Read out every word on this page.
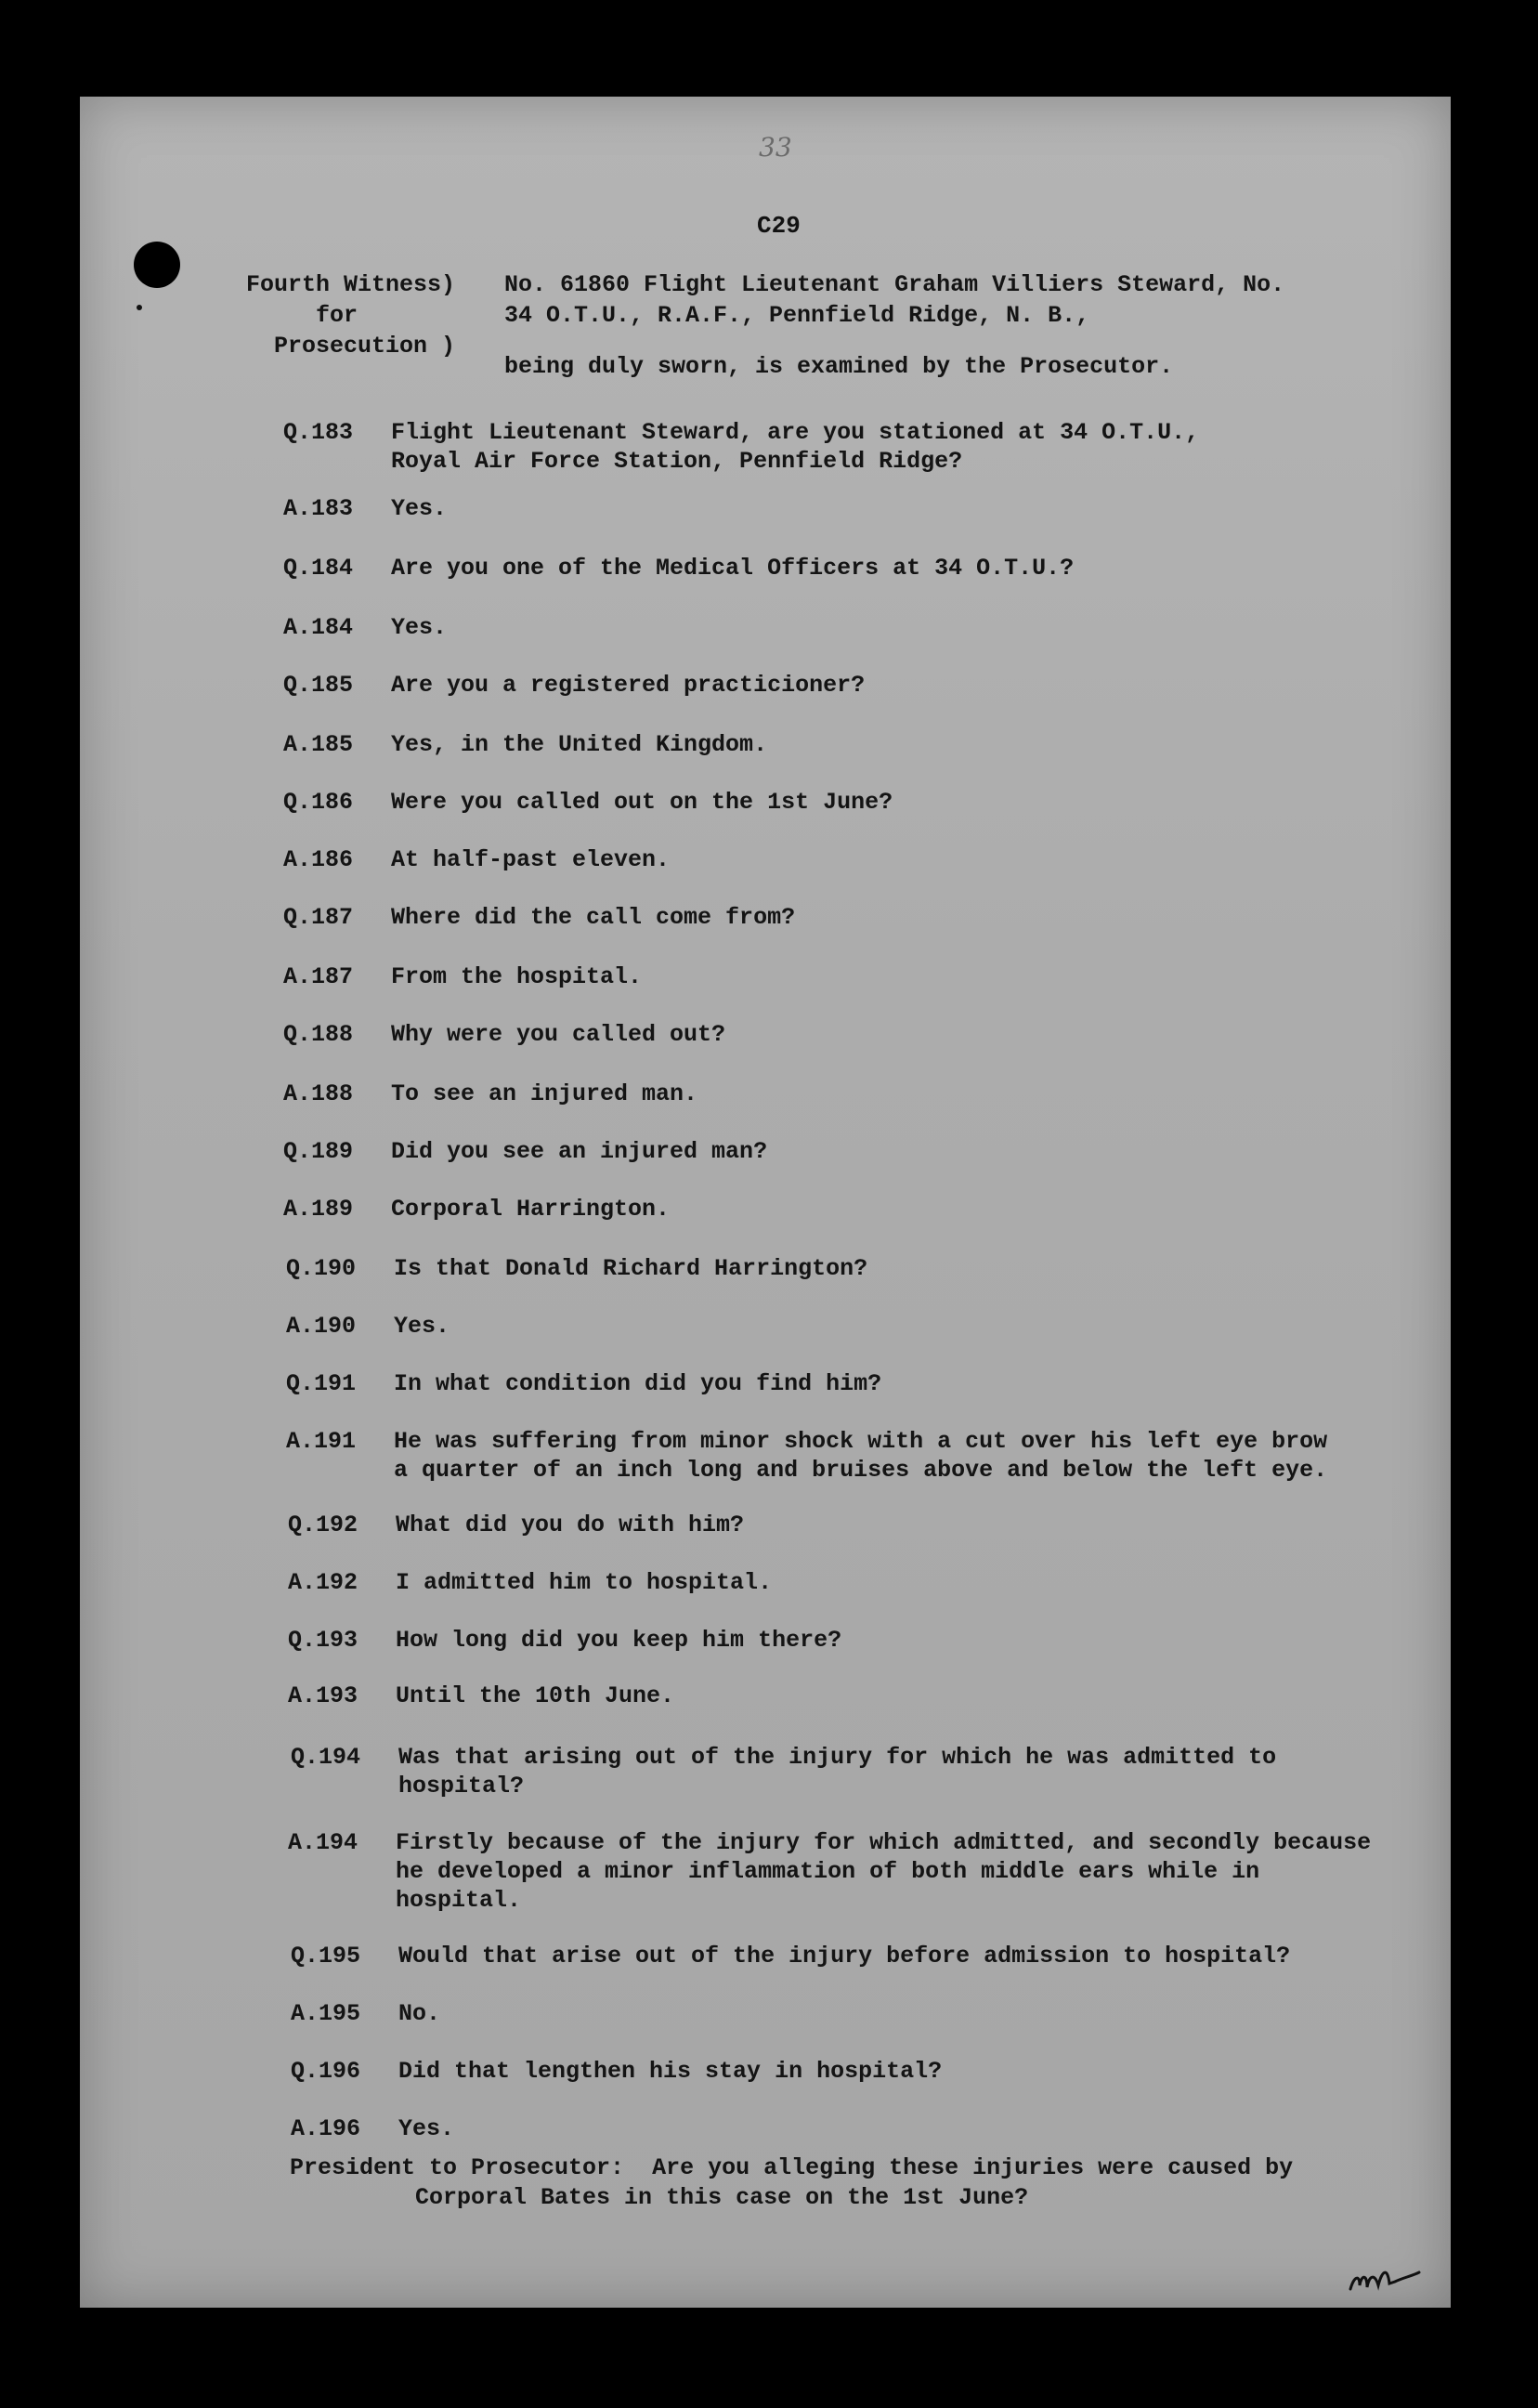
33
C29
Fourth Witness)
for
Prosecution )
No. 61860 Flight Lieutenant Graham Villiers Steward, No.
34 O.T.U., R.A.F., Pennfield Ridge, N. B.,
being duly sworn, is examined by the Prosecutor.
Q.183 Flight Lieutenant Steward, are you stationed at 34 O.T.U.,
Royal Air Force Station, Pennfield Ridge?
A.183 Yes.
Q.184 Are you one of the Medical Officers at 34 O.T.U.?
A.184 Yes.
Q.185 Are you a registered practicioner?
A.185 Yes, in the United Kingdom.
Q.186 Were you called out on the 1st June?
A.186 At half-past eleven.
Q.187 Where did the call come from?
A.187 From the hospital.
Q.188 Why were you called out?
A.188 To see an injured man.
Q.189 Did you see an injured man?
A.189 Corporal Harrington.
Q.190 Is that Donald Richard Harrington?
A.190 Yes.
Q.191 In what condition did you find him?
A.191 He was suffering from minor shock with a cut over his left eye brow
a quarter of an inch long and bruises above and below the left eye.
Q.192 What did you do with him?
A.192 I admitted him to hospital.
Q.193 How long did you keep him there?
A.193 Until the 10th June.
Q.194 Was that arising out of the injury for which he was admitted to
hospital?
A.194 Firstly because of the injury for which admitted, and secondly because
he developed a minor inflammation of both middle ears while in
hospital.
Q.195 Would that arise out of the injury before admission to hospital?
A.195 No.
Q.196 Did that lengthen his stay in hospital?
A.196 Yes.
President to Prosecutor:  Are you alleging these injuries were caused by
Corporal Bates in this case on the 1st June?
